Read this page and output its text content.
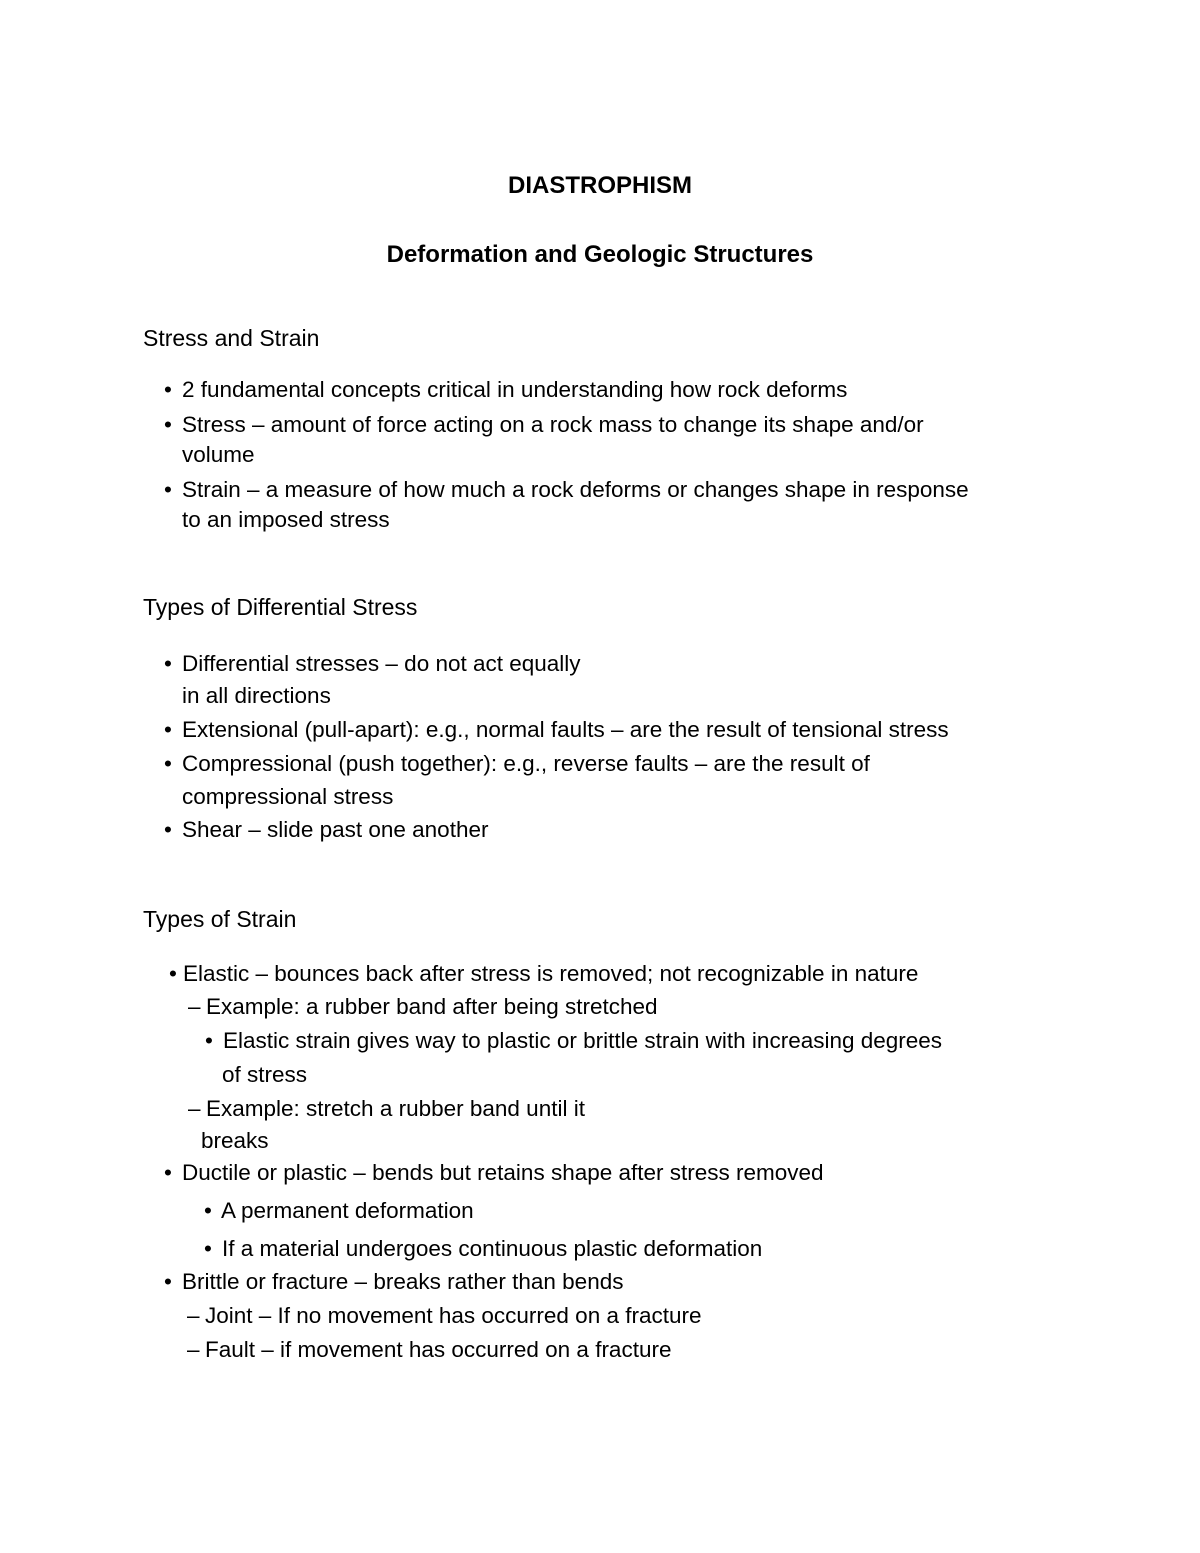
DIASTROPHISM
Deformation and Geologic Structures
Stress and Strain
• 2 fundamental concepts critical in understanding how rock deforms
• Stress – amount of force acting on a rock mass to change its shape and/or
volume
• Strain – a measure of how much a rock deforms or changes shape in response
to an imposed stress
Types of Differential Stress
• Differential stresses – do not act equally
in all directions
• Extensional (pull-apart): e.g., normal faults – are the result of tensional stress
• Compressional (push together): e.g., reverse faults – are the result of
compressional stress
• Shear – slide past one another
Types of Strain
• Elastic – bounces back after stress is removed; not recognizable in nature
– Example: a rubber band after being stretched
• Elastic strain gives way to plastic or brittle strain with increasing degrees
of stress
– Example: stretch a rubber band until it
breaks
• Ductile or plastic – bends but retains shape after stress removed
• A permanent deformation
• If a material undergoes continuous plastic deformation
• Brittle or fracture – breaks rather than bends
– Joint – If no movement has occurred on a fracture
– Fault – if movement has occurred on a fracture
